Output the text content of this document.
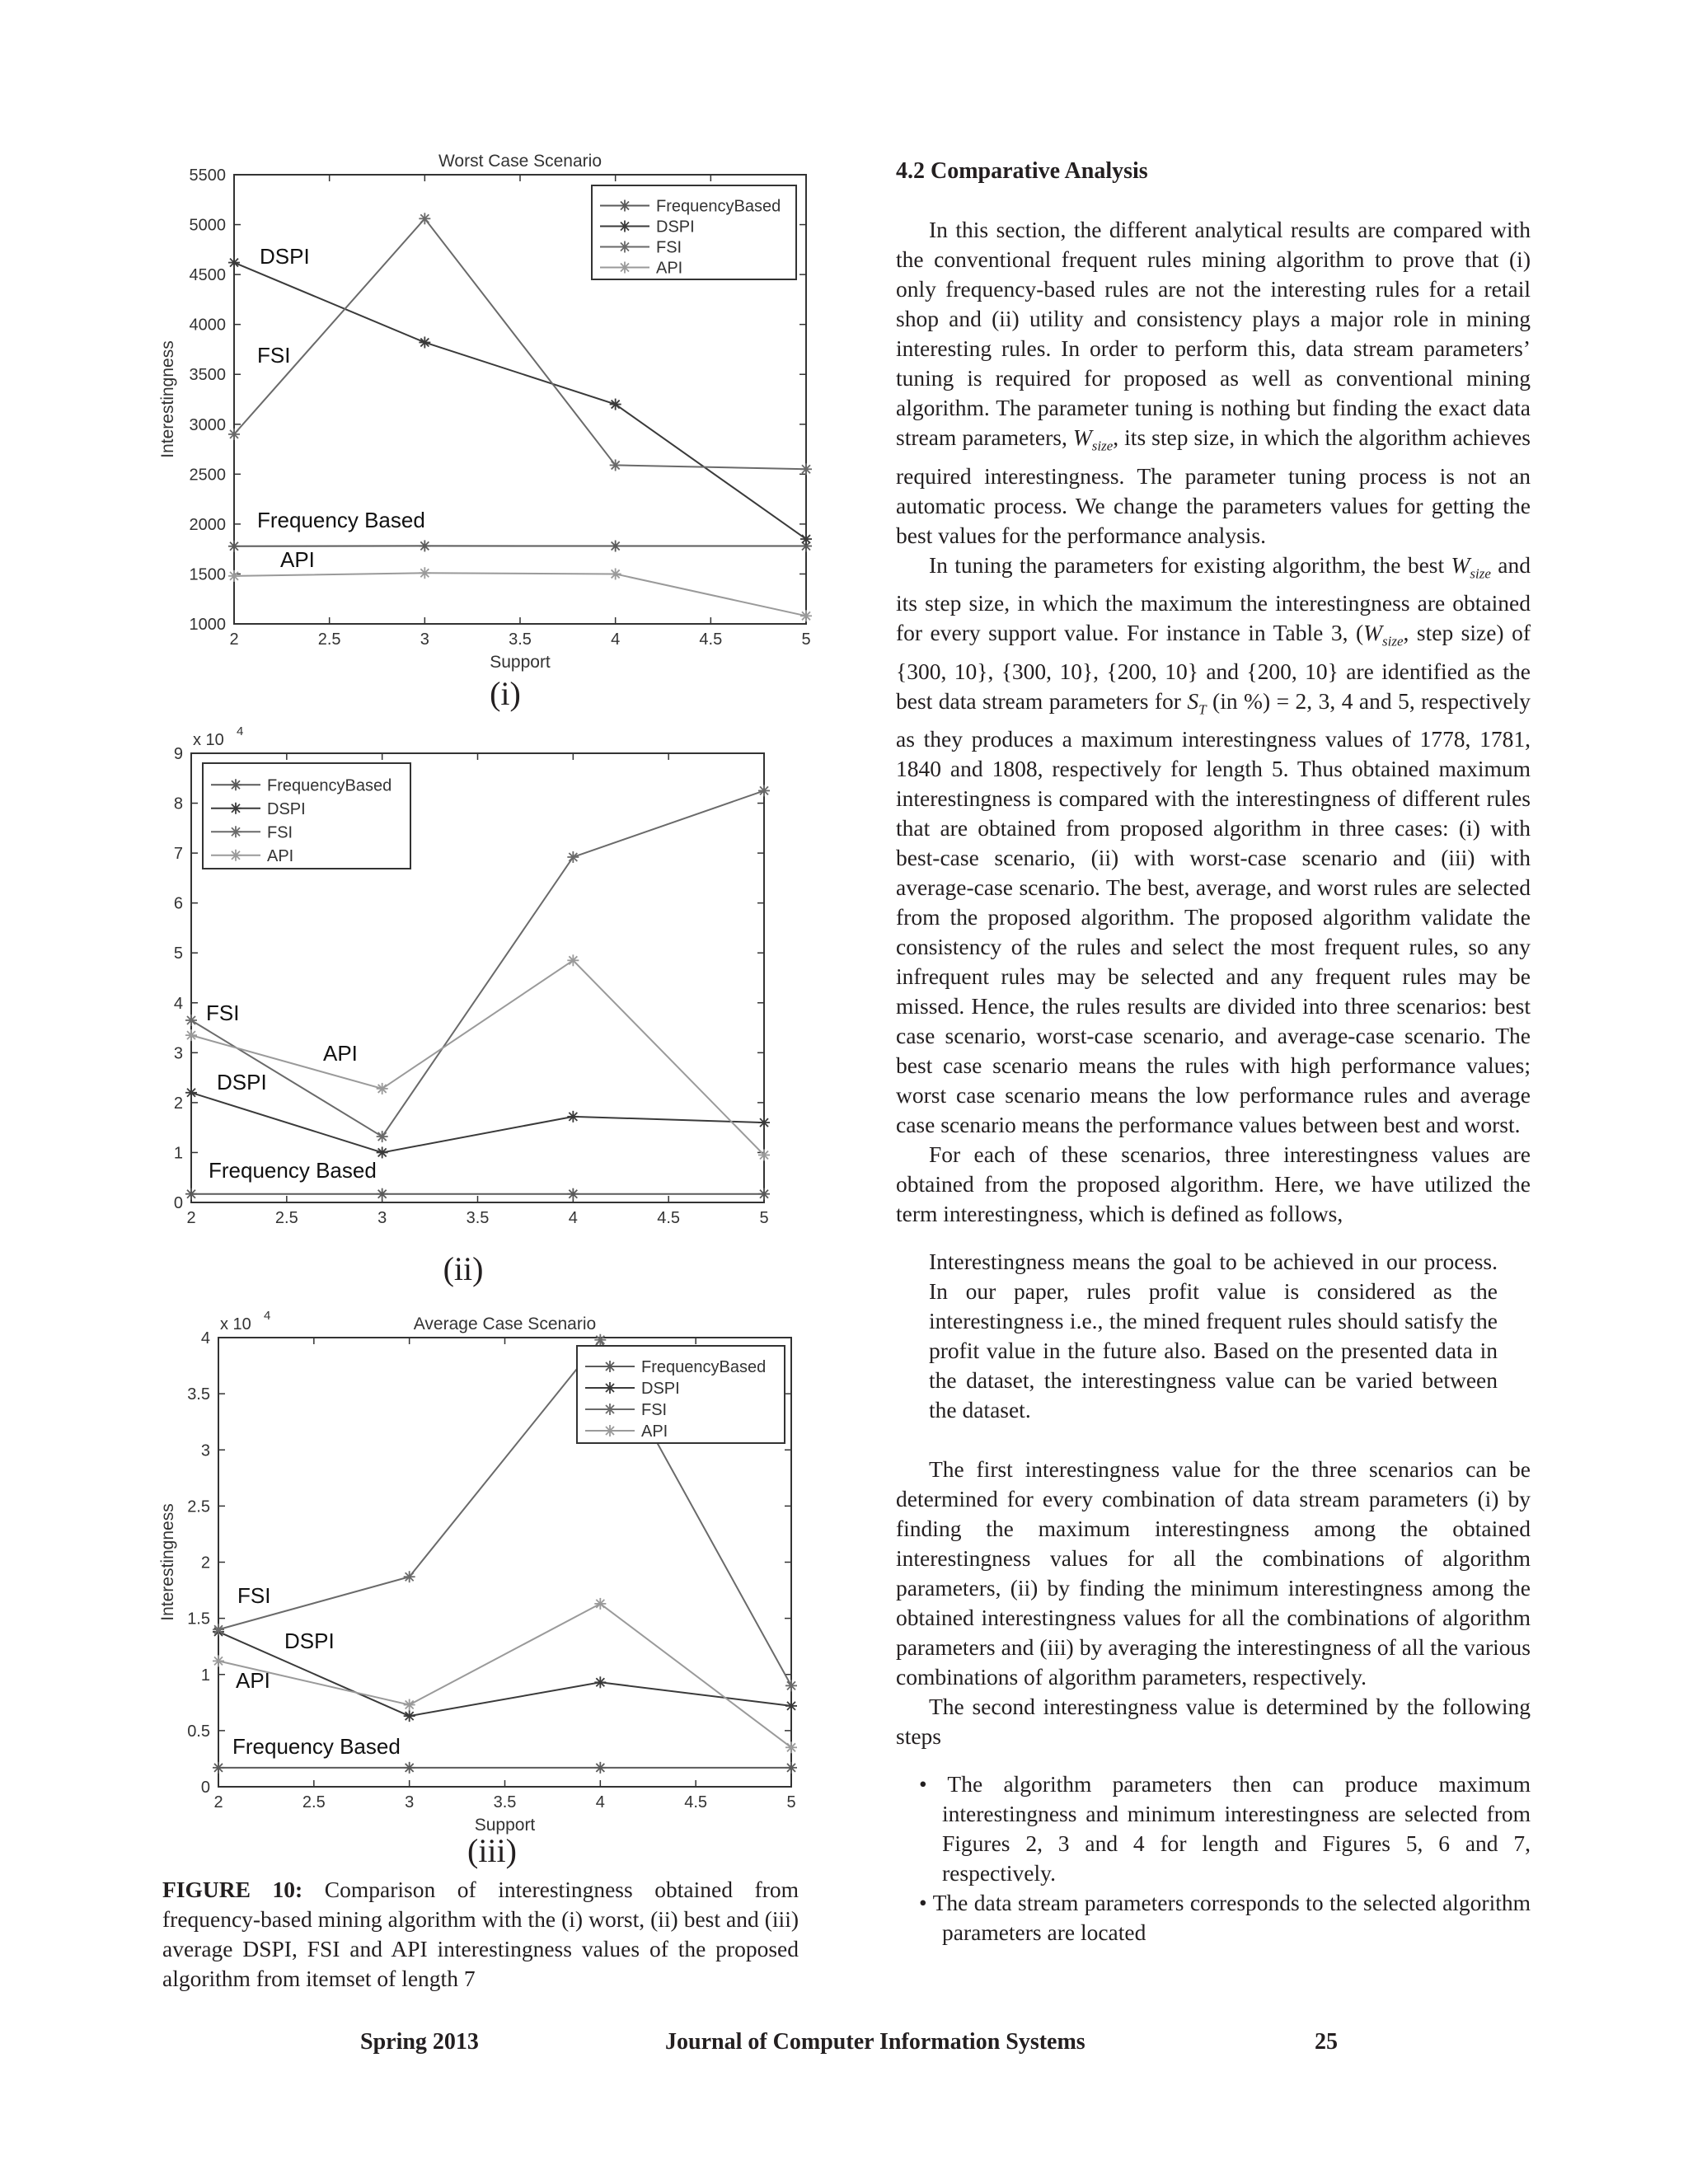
1000
1500
2000
2500
3000
3500
4000
4500
5000
5500
2	2.5	3	3.5	4	4.5	5
Worst Case Scenario
Support
Interestingness
FrequencyBased
DSPI
FSI
API
DSPI
FSI
Frequency Based
API
0
1
2
3
4
5
6
7
8
9
2	2.5	3	3.5	4	4.5	5
x 10 4
FrequencyBased
DSPI
FSI
API
FSI
API
DSPI
Frequency Based
0
0.5
1
1.5
2
2.5
3
3.5
4
2	2.5	3	3.5	4	4.5	5
Average Case Scenario
Support
Interestingness
x 10 4
FrequencyBased
DSPI
FSI
API
FSI
DSPI
API
Frequency Based
(i)
(ii)
(iii)
FIGURE 10: Comparison of interestingness obtained from frequency-based mining algorithm with the (i) worst, (ii) best and (iii) average DSPI, FSI and API interestingness values of the proposed algorithm from itemset of length 7
4.2 Comparative Analysis

In this section, the different analytical results are compared with the conventional frequent rules mining algorithm to prove that (i) only frequency-based rules are not the interesting rules for a retail shop and (ii) utility and consistency plays a major role in mining interesting rules. In order to perform this, data stream parameters’ tuning is required for proposed as well as conventional mining algorithm. The parameter tuning is nothing but finding the exact data stream parameters, $W_{size}$, its step size, in which the algorithm achieves required interestingness. The parameter tuning process is not an automatic process. We change the parameters values for getting the best values for the performance analysis.

In tuning the parameters for existing algorithm, the best $W_{size}$ and its step size, in which the maximum the interestingness are obtained for every support value. For instance in Table 3, ($W_{size}$, step size) of {300, 10}, {300, 10}, {200, 10} and {200, 10} are identified as the best data stream parameters for $S_T$ (in %) = 2, 3, 4 and 5, respectively as they produces a maximum interestingness values of 1778, 1781, 1840 and 1808, respectively for length 5. Thus obtained maximum interestingness is compared with the interestingness of different rules that are obtained from proposed algorithm in three cases: (i) with best-case scenario, (ii) with worst-case scenario and (iii) with average-case scenario. The best, average, and worst rules are selected from the proposed algorithm. The proposed algorithm validate the consistency of the rules and select the most frequent rules, so any infrequent rules may be selected and any frequent rules may be missed. Hence, the rules results are divided into three scenarios: best case scenario, worst-case scenario, and average-case scenario. The best case scenario means the rules with high performance values; worst case scenario means the low performance rules and average case scenario means the performance values between best and worst.

For each of these scenarios, three interestingness values are obtained from the proposed algorithm. Here, we have utilized the term interestingness, which is defined as follows,

Interestingness means the goal to be achieved in our process. In our paper, rules profit value is considered as the interestingness i.e., the mined frequent rules should satisfy the profit value in the future also. Based on the presented data in the dataset, the interestingness value can be varied between the dataset.

The first interestingness value for the three scenarios can be determined for every combination of data stream parameters (i) by finding the maximum interestingness among the obtained interestingness values for all the combinations of algorithm parameters, (ii) by finding the minimum interestingness among the obtained interestingness values for all the combinations of algorithm parameters and (iii) by averaging the interestingness of all the various combinations of algorithm parameters, respectively.

The second interestingness value is determined by the following steps

• The algorithm parameters then can produce maximum interestingness and minimum interestingness are selected from Figures 2, 3 and 4 for length and Figures 5, 6 and 7, respectively.

• The data stream parameters corresponds to the selected algorithm parameters are located

Spring 2013	Journal of Computer Information Systems	25
